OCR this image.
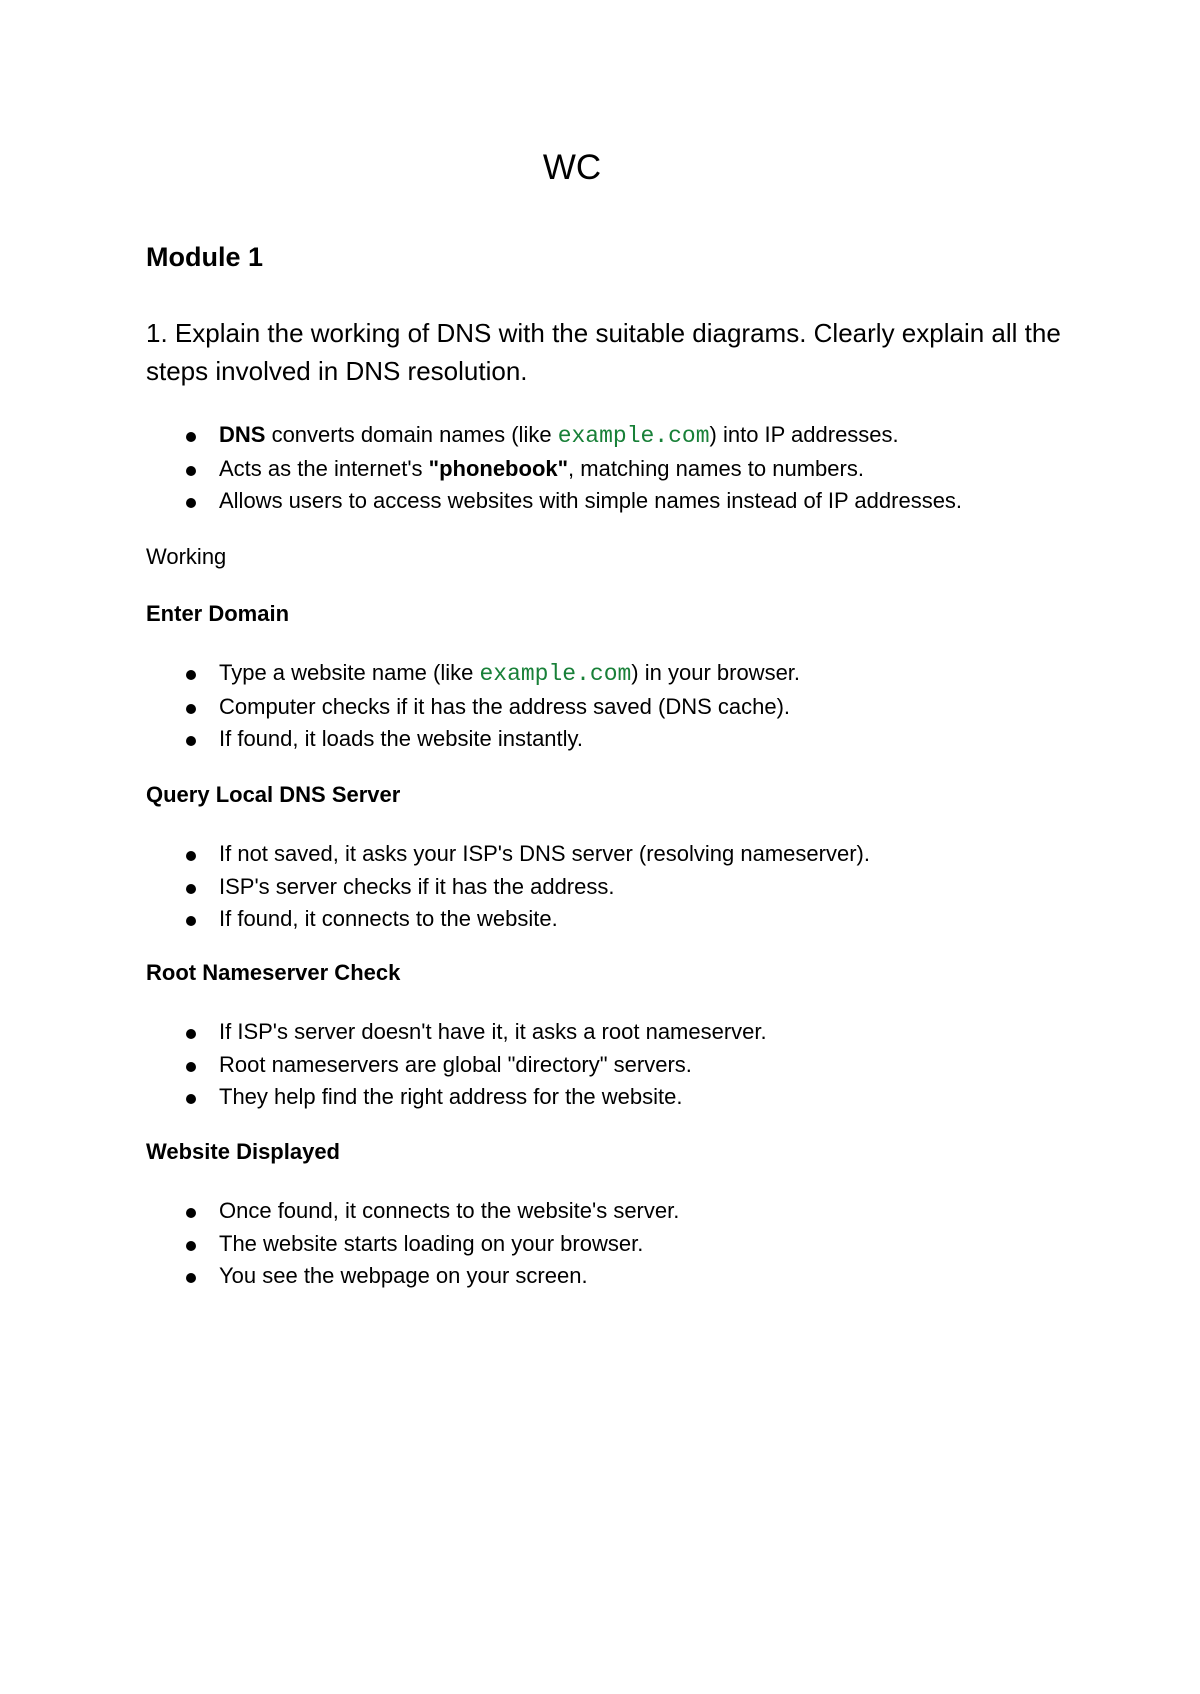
WC
Module 1

1. Explain the working of DNS with the suitable diagrams. Clearly explain all the steps involved in DNS resolution.

DNS converts domain names (like example.com) into IP addresses.
Acts as the internet's "phonebook", matching names to numbers.
Allows users to access websites with simple names instead of IP addresses.

Working

Enter Domain

Type a website name (like example.com) in your browser.
Computer checks if it has the address saved (DNS cache).
If found, it loads the website instantly.

Query Local DNS Server

If not saved, it asks your ISP's DNS server (resolving nameserver).
ISP's server checks if it has the address.
If found, it connects to the website.

Root Nameserver Check

If ISP's server doesn't have it, it asks a root nameserver.
Root nameservers are global "directory" servers.
They help find the right address for the website.

Website Displayed

Once found, it connects to the website's server.
The website starts loading on your browser.
You see the webpage on your screen.
